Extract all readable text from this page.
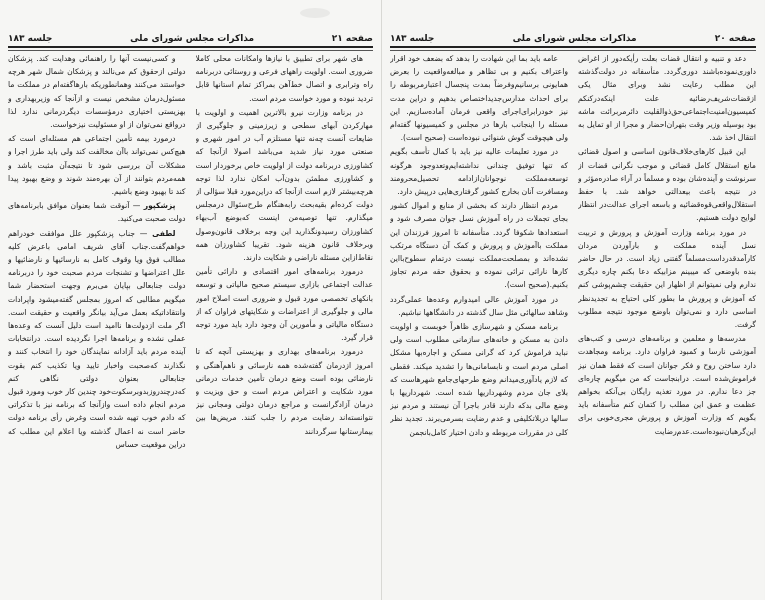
صفحه ۲۱
مذاکرات مجلس شورای ملی
جلسه ۱۸۳

های شهر برای تطبیق با نیازها وامکانات محلی کاملا ضروری است. اولویت راههای فرعی و روستائی دربرنامه راه وترابری و اتصال خط‌آهن بمراکز تمام استانها قابل تردید نبوده و مورد خواست مردم است.

در برنامه وزارت نیرو بالاترین اهمیت و اولویت با مهارکردن آبهای سطحی و زیرزمینی و جلوگیری از ضایعات آنست چه‌نه تنها مستلزم آب در امور شهری و صنعتی مورد نیاز شدید می‌باشد اصولا ازآنجا که کشاورزی دربرنامه دولت از اولویت خاص برخوردار است و کشاورزی مطمئن بدون‌آب امکان ندارد لذا توجه هرچه‌بیشتر لازم است ازآنجا که دراین‌مورد قبلا سؤالی از دولت کرده‌ام بقیه‌بحث رابه‌هنگام طرح‌سئوال درمجلس میگذارم. تنها توصیه‌من اینست که‌بوضع آب‌بهاء کشاورزان رسیدونگذارید این وجه برخلاف قانون‌وصول وبرخلاف قانون هزینه شود. تقریبا کشاورزان همه نقاط‌ازاین مسئله ناراضی و شکایت دارند.

درمورد برنامه‌های امور اقتصادی و دارائی تأمین عدالت اجتماعی بازاری سیستم صحیح مالیاتی و توسعه بانکهای تخصصی مورد قبول و ضروری است اصلاح امور مالی و جلوگیری از اعتراضات و شکایتهای فراوان که از دستگاه مالیاتی و مأمورین آن وجود دارد باید مورد توجه قرار گیرد.

درمورد برنامه‌های بهداری و بهزیستی آنچه که تا امروز ازدرمان گفته‌شده همه نارسائی و ناهم‌آهنگی و نارضائی بوده است وضع درمان تأمین خدمات درمانی مورد شکایت و اعتراض مردم است و حق ویزیت و درمان آزادگرانست و مراجع درمان دولتی ومجانی نیز نتوانسته‌اند رضایت مردم را جلب کنند. مریض‌ها بین بیمارستانها سرگردانند

و کسی‌نیست آنها را راهنمائی وهدایت کند. پزشکان دولتی ازحقوق کم می‌نالند و پزشکان شمال شهر هرچه خواستند می‌کنند وهمانطوریکه بارهاگفته‌ام در مملکت ما مسئول‌درمان مشخص نیست و ازآنجا که وزیربهداری و بهزیستی اختیاری درمؤسسات دیگردرمانی ندارد لذا درواقع نمی‌توان از او مسئولیت نیزخواست.

درمورد بیمه تأمین اجتماعی هم مسئله‌ای است که هیچ‌کس نمی‌تواند باآن مخالفت کند ولی باید طرز اجرا و مشکلات آن بررسی شود تا نتیجه‌آن مثبت باشد و همه‌مردم بتوانند از آن بهره‌مند شوند و وضع بهبود پیدا کند تا بهبود وضع باشیم.

پزشکپور — آنوقت شما بعنوان موافق بابرنامه‌های دولت صحبت می‌کنید.

لطفی — جناب پزشکپور علل موافقت خودراهم خواهم‌گفت.جناب آقای شریف امامی باعرض کلیه مطالب فوق ویا وقوف کامل به نارسائیها و نارضائیها و علل اعتراضها و تشنجات مردم صحبت خود را دربرنامه دولت جنابعالی بپایان می‌برم وجهت استحضار شما میگویم مطالبی که امروز بمجلس گفته‌میشود واپرادات وانتقاداتیکه بعمل می‌آید بیانگر واقعیت و حقیقت است. اگر ملت ازدولت‌ها ناامید است دلیل آنست که وعده‌ها عملی نشده و برنامه‌ها اجرا نگردیده است. درانتخابات آینده مردم باید آزادانه نمایندگان خود را انتخاب کنند و نگذارند که‌صحبت واخبار تایید ویا تکذیب کنم بقوت جنابعالی بعنوان دولتی نگاهی کنم که‌درچندروزبدوبرسکوت‌خود چندین کار خوب ومورد قبول مردم انجام داده است وازآنجا که برنامه نیز با تذکراتی که دادم خوب تهیه شده است وغرض رأی برنامه دولت حاضر است نه اعمال گذشته ویا اعلام این مطلب که دراین موقعیت حساس

صفحه ۲۰
مذاکرات مجلس شورای ملی
جلسه ۱۸۳

دعد و تنبیه و انتقال قضات بعلت رأیکه‌دور از اغراض داوری‌نموده‌باشند دوری‌گردد. متأسفانه در دولت‌گذشته این مطلب رعایت نشد وبرای مثال یکی ازقضات‌شریف‌رضائیه علت اینکه‌درکنکم کمیسیون‌امنیت‌اجتماعی‌حق‌ذوالقلیت دائرمربرائت ماشه بود بوسیله وزیر وقت بتهران‌احضار و مجرا از او تمایل به انتقال اخذ شد.

این قبیل کارهای‌خلاف‌قانون اساسی و اصول قضائی مانع استقلال کامل قضائی و موجب نگرانی قضات از سرنوشت و آینده‌شان بوده و مسلماً در آراء صادره‌مؤثر و در نتیجه باعث بیعدالتی خواهد شد. با حفظ استقلال‌واقعی‌قوه‌قضائیه و باسعه اجرای عدالت‌در انتظار لوایح دولت هستیم.

در مورد برنامه وزارت آموزش و پرورش و تربیت نسل آینده مملکت و بارآوردن مردان کارآمدقدرداست‌مسلماً گفتنی زیاد است. در حال حاضر بنده باوضعی که میبینم مزابیکه دعا بکنم چاره دیگری ندارم ولی نمیتوانم از اظهار این حقیقت چشم‌پوشی کنم که آموزش و پرورش ما بطور کلی احتیاج به تجدیدنظر اساسی دارد و نمی‌توان باوضع موجود نتیجه مطلوب گرفت.

مدرسه‌ها و معلمین و برنامه‌های درسی و کتب‌های آموزشی نارسا و کمبود فراوان دارد. برنامه ومجاهدت دارد ساختن روح و فکر جوانان است که فقط همان نیز فراموش‌شده است. درابنجاست که من میگویم چاره‌ای جز دعا ندارم. در مورد تغذیه رایگان بی‌آنکه بخواهم عظمت و عمق این مطلب را کتمان کنم متأسفانه باید بگویم که وزارت آموزش و پرورش مجری‌خوبی برای این‌گرهبان‌نبوده‌است.عدم‌رضایت

عامه باید بما این شهادت را بدهد که بضعف خود اقرار واعتراف بکنیم و بی تظاهر و مبالغه‌واقعیت را بعرض همایونی برسانیم‌وفرضاً بمدت پنجسال اعتبارمربوطه را برای احداث مدارس‌جدیداختصاص بدهیم و دراین مدت نیز خودرابرای‌اجرای واقعی فرمان آماده‌سازیم. این مسئله را اینجانب بارها در مجلس و کمیسیونها گفته‌ام ولی هیچوقت گوش شنوائی نبوده‌است (صحیح است).

در مورد تعلیمات عالیه نیز باید با کمال تأسف بگویم که تنها توفیق چندانی نداشته‌ایم‌وتعدوجود هرگونه توسعه‌مملکت نوجوانان‌ازادامه تحصیل‌محرومند ومسافرت آنان بخارج کشور گرفتاری‌هایی درپیش دارد.

مردم انتظار دارند که بخشی از منابع و اموال کشور بجای تجملات در راه آموزش نسل جوان مصرف شود و استعدادها شکوفا گردد. متأسفانه تا امروز فرزندان این مملکت باآموزش و پرورش و کمک آن دستگاه مرتکب نشده‌اند و بمصلحت‌مملکت نیست درتمام سطوح‌بااین کارها نارائی ترائی نموده و بحقوق حقه مردم تجاوز بکنیم.(صحیح است).

در مورد آموزش عالی امیدوارم وعده‌ها عملی‌گردد وشاهد سالهائی مثل سال گذشته در دانشگاهها نباشیم.

برنامه مسکن و شهرسازی ظاهراً خوبست و اولویت دادن به مسکن و خانه‌های سازمانی مطلوب است ولی نباید فراموش کرد که گرانی مسکن و اجاره‌بها مشکل اصلی مردم است و نابسامانی‌ها را تشدید میکند. فقطی که لازم یادآوری‌میدانم وضع طرحهای‌جامع شهرهاست که بلای جان مردم وشهرداریها شده است. شهرداریها با وضع مالی بدکه دارند قادر باجرا آن نیستند و مردم نیز سالها دربلاتکلیفی و عدم رضایت بسرمی‌برند. تجدید نظر کلی در مقررات مربوطه و دادن اختیار کامل‌بانجمن
